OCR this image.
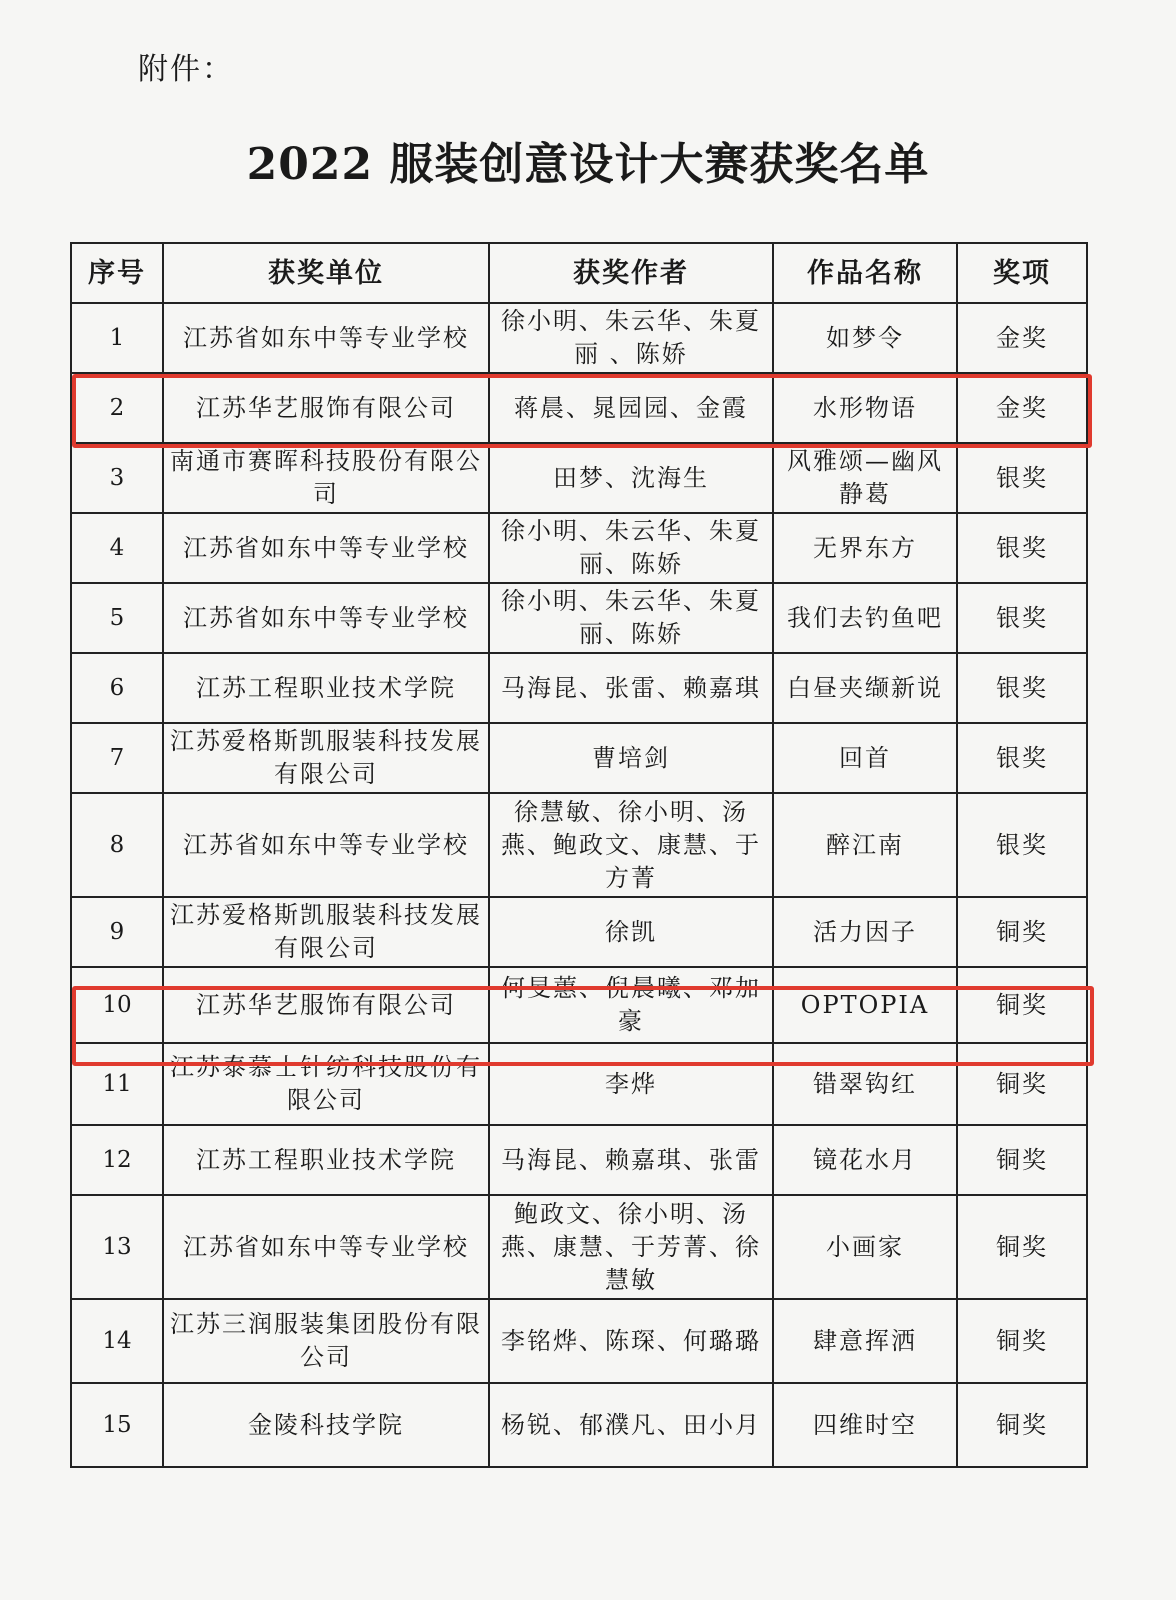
附件：
2022 服装创意设计大赛获奖名单
序号	获奖单位	获奖作者	作品名称	奖项
1	江苏省如东中等专业学校	徐小明、朱云华、朱夏丽 、陈娇	如梦令	金奖
2	江苏华艺服饰有限公司	蒋晨、晁园园、金霞	水形物语	金奖
3	南通市赛晖科技股份有限公司	田梦、沈海生	风雅颂—幽风静葛	银奖
4	江苏省如东中等专业学校	徐小明、朱云华、朱夏丽、陈娇	无界东方	银奖
5	江苏省如东中等专业学校	徐小明、朱云华、朱夏丽、陈娇	我们去钓鱼吧	银奖
6	江苏工程职业技术学院	马海昆、张雷、赖嘉琪	白昼夹缬新说	银奖
7	江苏爱格斯凯服装科技发展有限公司	曹培剑	回首	银奖
8	江苏省如东中等专业学校	徐慧敏、徐小明、汤燕、鲍政文、康慧、于方菁	醉江南	银奖
9	江苏爱格斯凯服装科技发展有限公司	徐凯	活力因子	铜奖
10	江苏华艺服饰有限公司	何旻蕙、倪晨曦、邓加豪	OPTOPIA	铜奖
11	江苏泰慕士针纺科技股份有限公司	李烨	错翠钩红	铜奖
12	江苏工程职业技术学院	马海昆、赖嘉琪、张雷	镜花水月	铜奖
13	江苏省如东中等专业学校	鲍政文、徐小明、汤燕、康慧、于芳菁、徐慧敏	小画家	铜奖
14	江苏三润服装集团股份有限公司	李铭烨、陈琛、何璐璐	肆意挥洒	铜奖
15	金陵科技学院	杨锐、郁濮凡、田小月	四维时空	铜奖
